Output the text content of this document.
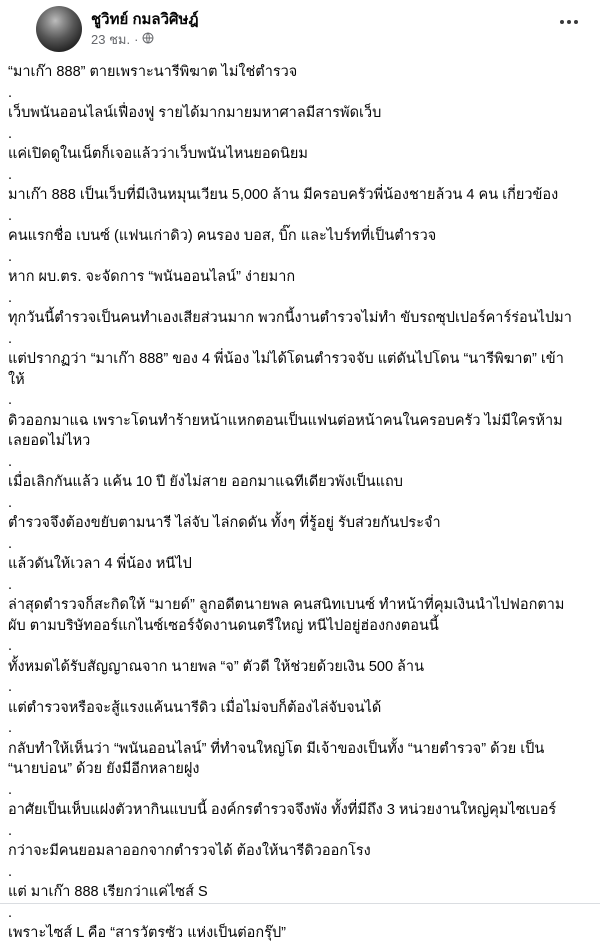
ชูวิทย์ กมลวิศิษฎ์
23 ชม. ·
“มาเก๊า 888” ตายเพราะนารีพิฆาต ไม่ใช่ตำรวจ
.
เว็บพนันออนไลน์เฟื่องฟู รายได้มากมายมหาศาลมีสารพัดเว็บ
.
แค่เปิดดูในเน็ตก็เจอแล้วว่าเว็บพนันไหนยอดนิยม
.
มาเก๊า 888 เป็นเว็บที่มีเงินหมุนเวียน 5,000 ล้าน มีครอบครัวพี่น้องชายล้วน 4 คน เกี่ยวข้อง
.
คนแรกชื่อ เบนซ์ (แฟนเก่าดิว) คนรอง บอส, บิ๊ก และไบร์ทที่เป็นตำรวจ
.
หาก ผบ.ตร. จะจัดการ “พนันออนไลน์” ง่ายมาก
.
ทุกวันนี้ตำรวจเป็นคนทำเองเสียส่วนมาก พวกนี้งานตำรวจไม่ทำ ขับรถซุปเปอร์คาร์ร่อนไปมา
.
แต่ปรากฏว่า “มาเก๊า 888” ของ 4 พี่น้อง ไม่ได้โดนตำรวจจับ แต่ดันไปโดน “นารีพิฆาต” เข้าให้
.
ดิวออกมาแฉ เพราะโดนทำร้ายหน้าแหกตอนเป็นแฟนต่อหน้าคนในครอบครัว ไม่มีใครห้าม เลยอดไม่ไหว
.
เมื่อเลิกกันแล้ว แค้น 10 ปี ยังไม่สาย ออกมาแฉทีเดียวพังเป็นแถบ
.
ตำรวจจึงต้องขยับตามนารี ไล่จับ ไล่กดดัน ทั้งๆ ที่รู้อยู่ รับส่วยกันประจำ
.
แล้วดันให้เวลา 4 พี่น้อง หนีไป
.
ล่าสุดตำรวจก็สะกิดให้ “มายด์” ลูกอดีตนายพล คนสนิทเบนซ์ ทำหน้าที่คุมเงินนำไปฟอกตามผับ ตามบริษัทออร์แกไนซ์เซอร์จัดงานดนตรีใหญ่ หนีไปอยู่ฮ่องกงตอนนี้
.
ทั้งหมดได้รับสัญญาณจาก นายพล “จ” ตัวดี ให้ช่วยด้วยเงิน 500 ล้าน
.
แต่ตำรวจหรือจะสู้แรงแค้นนารีดิว เมื่อไม่จบก็ต้องไล่จับจนได้
.
กลับทำให้เห็นว่า “พนันออนไลน์” ที่ทำจนใหญ่โต มีเจ้าของเป็นทั้ง “นายตำรวจ” ด้วย เป็น “นายบ่อน” ด้วย ยังมีอีกหลายฝูง
.
อาศัยเป็นเห็บแฝงตัวหากินแบบนี้ องค์กรตำรวจจึงพัง ทั้งที่มีถึง 3 หน่วยงานใหญ่คุมไซเบอร์
.
กว่าจะมีคนยอมลาออกจากตำรวจได้ ต้องให้นารีดิวออกโรง
.
แต่ มาเก๊า 888 เรียกว่าแค่ไซส์ S
.
เพราะไซส์ L คือ “สารวัตรซัว แห่งเป็นต่อกรุ๊ป”
